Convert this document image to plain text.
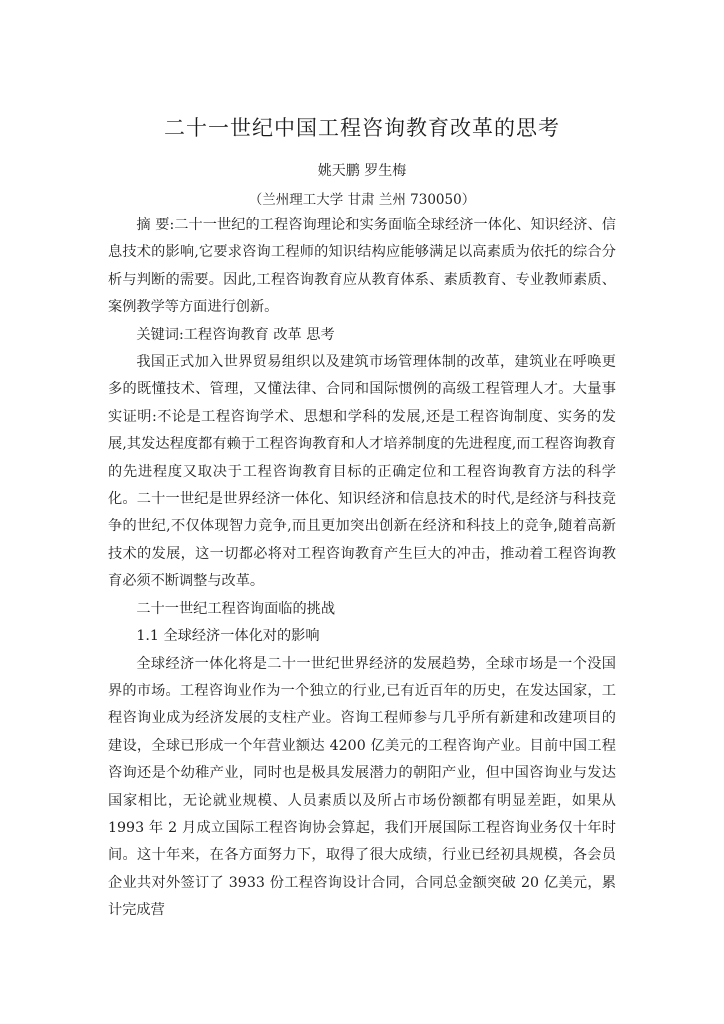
二十一世纪中国工程咨询教育改革的思考
姚天鹏 罗生梅
（兰州理工大学 甘肃 兰州 730050）

摘 要:二十一世纪的工程咨询理论和实务面临全球经济一体化、知识经济、信息技术的影响,它要求咨询工程师的知识结构应能够满足以高素质为依托的综合分析与判断的需要。因此,工程咨询教育应从教育体系、素质教育、专业教师素质、案例教学等方面进行创新。

关键词:工程咨询教育 改革 思考

我国正式加入世界贸易组织以及建筑市场管理体制的改革，建筑业在呼唤更多的既懂技术、管理，又懂法律、合同和国际惯例的高级工程管理人才。大量事实证明:不论是工程咨询学术、思想和学科的发展,还是工程咨询制度、实务的发展,其发达程度都有赖于工程咨询教育和人才培养制度的先进程度,而工程咨询教育的先进程度又取决于工程咨询教育目标的正确定位和工程咨询教育方法的科学化。二十一世纪是世界经济一体化、知识经济和信息技术的时代,是经济与科技竞争的世纪,不仅体现智力竞争,而且更加突出创新在经济和科技上的竞争,随着高新技术的发展，这一切都必将对工程咨询教育产生巨大的冲击，推动着工程咨询教育必须不断调整与改革。

二十一世纪工程咨询面临的挑战

1.1 全球经济一体化对的影响

全球经济一体化将是二十一世纪世界经济的发展趋势，全球市场是一个没国界的市场。工程咨询业作为一个独立的行业,已有近百年的历史，在发达国家，工程咨询业成为经济发展的支柱产业。咨询工程师参与几乎所有新建和改建项目的建设，全球已形成一个年营业额达 4200 亿美元的工程咨询产业。目前中国工程咨询还是个幼稚产业，同时也是极具发展潜力的朝阳产业，但中国咨询业与发达国家相比，无论就业规模、人员素质以及所占市场份额都有明显差距，如果从 1993 年 2 月成立国际工程咨询协会算起，我们开展国际工程咨询业务仅十年时间。这十年来，在各方面努力下，取得了很大成绩，行业已经初具规模，各会员企业共对外签订了 3933 份工程咨询设计合同，合同总金额突破 20 亿美元，累计完成营
